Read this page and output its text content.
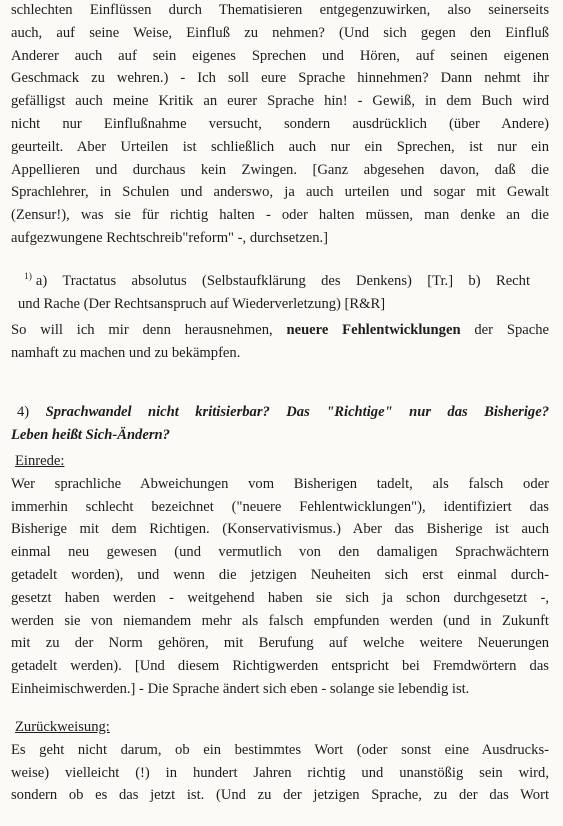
schlechten Einflüssen durch Thematisieren entgegenzuwirken, also seinerseits
auch, auf seine Weise, Einfluß zu nehmen? (Und sich gegen den Einfluß
Anderer auch auf sein eigenes Sprechen und Hören, auf seinen eigenen
Geschmack zu wehren.) - Ich soll eure Sprache hinnehmen? Dann nehmt ihr
gefälligst auch meine Kritik an eurer Sprache hin! - Gewiß, in dem Buch wird
nicht nur Einflußnahme versucht, sondern ausdrücklich (über Andere)
geurteilt. Aber Urteilen ist schließlich auch nur ein Sprechen, ist nur ein
Appellieren und durchaus kein Zwingen. [Ganz abgesehen davon, daß die
Sprachlehrer, in Schulen und anderswo, ja auch urteilen und sogar mit Gewalt
(Zensur!), was sie für richtig halten - oder halten müssen, man denke an die
aufgezwungene Rechtschreib"reform" -, durchsetzen.]
$^{1)}$ a) Tractatus absolutus (Selbstaufklärung des Denkens) [Tr.] b) Recht
und Rache (Der Rechtsanspruch auf Wiederverletzung) [R&R]
So will ich mir denn herausnehmen, neuere Fehlentwicklungen der Spache
namhaft zu machen und zu bekämpfen.
4) Sprachwandel nicht kritisierbar? Das "Richtige" nur das Bisherige?
Leben heißt Sich-Ändern?
Einrede:
Wer sprachliche Abweichungen vom Bisherigen tadelt, als falsch oder
immerhin schlecht bezeichnet ("neuere Fehlentwicklungen"), identifiziert das
Bisherige mit dem Richtigen. (Konservativismus.) Aber das Bisherige ist auch
einmal neu gewesen (und vermutlich von den damaligen Sprachwächtern
getadelt worden), und wenn die jetzigen Neuheiten sich erst einmal durch-
gesetzt haben werden - weitgehend haben sie sich ja schon durchgesetzt -,
werden sie von niemandem mehr als falsch empfunden werden (und in Zukunft
mit zu der Norm gehören, mit Berufung auf welche weitere Neuerungen
getadelt werden). [Und diesem Richtigwerden entspricht bei Fremdwörtern das
Einheimischwerden.] - Die Sprache ändert sich eben - solange sie lebendig ist.
Zurückweisung:
Es geht nicht darum, ob ein bestimmtes Wort (oder sonst eine Ausdrucks-
weise) vielleicht (!) in hundert Jahren richtig und unanstößig sein wird,
sondern ob es das jetzt ist. (Und zu der jetzigen Sprache, zu der das Wort
